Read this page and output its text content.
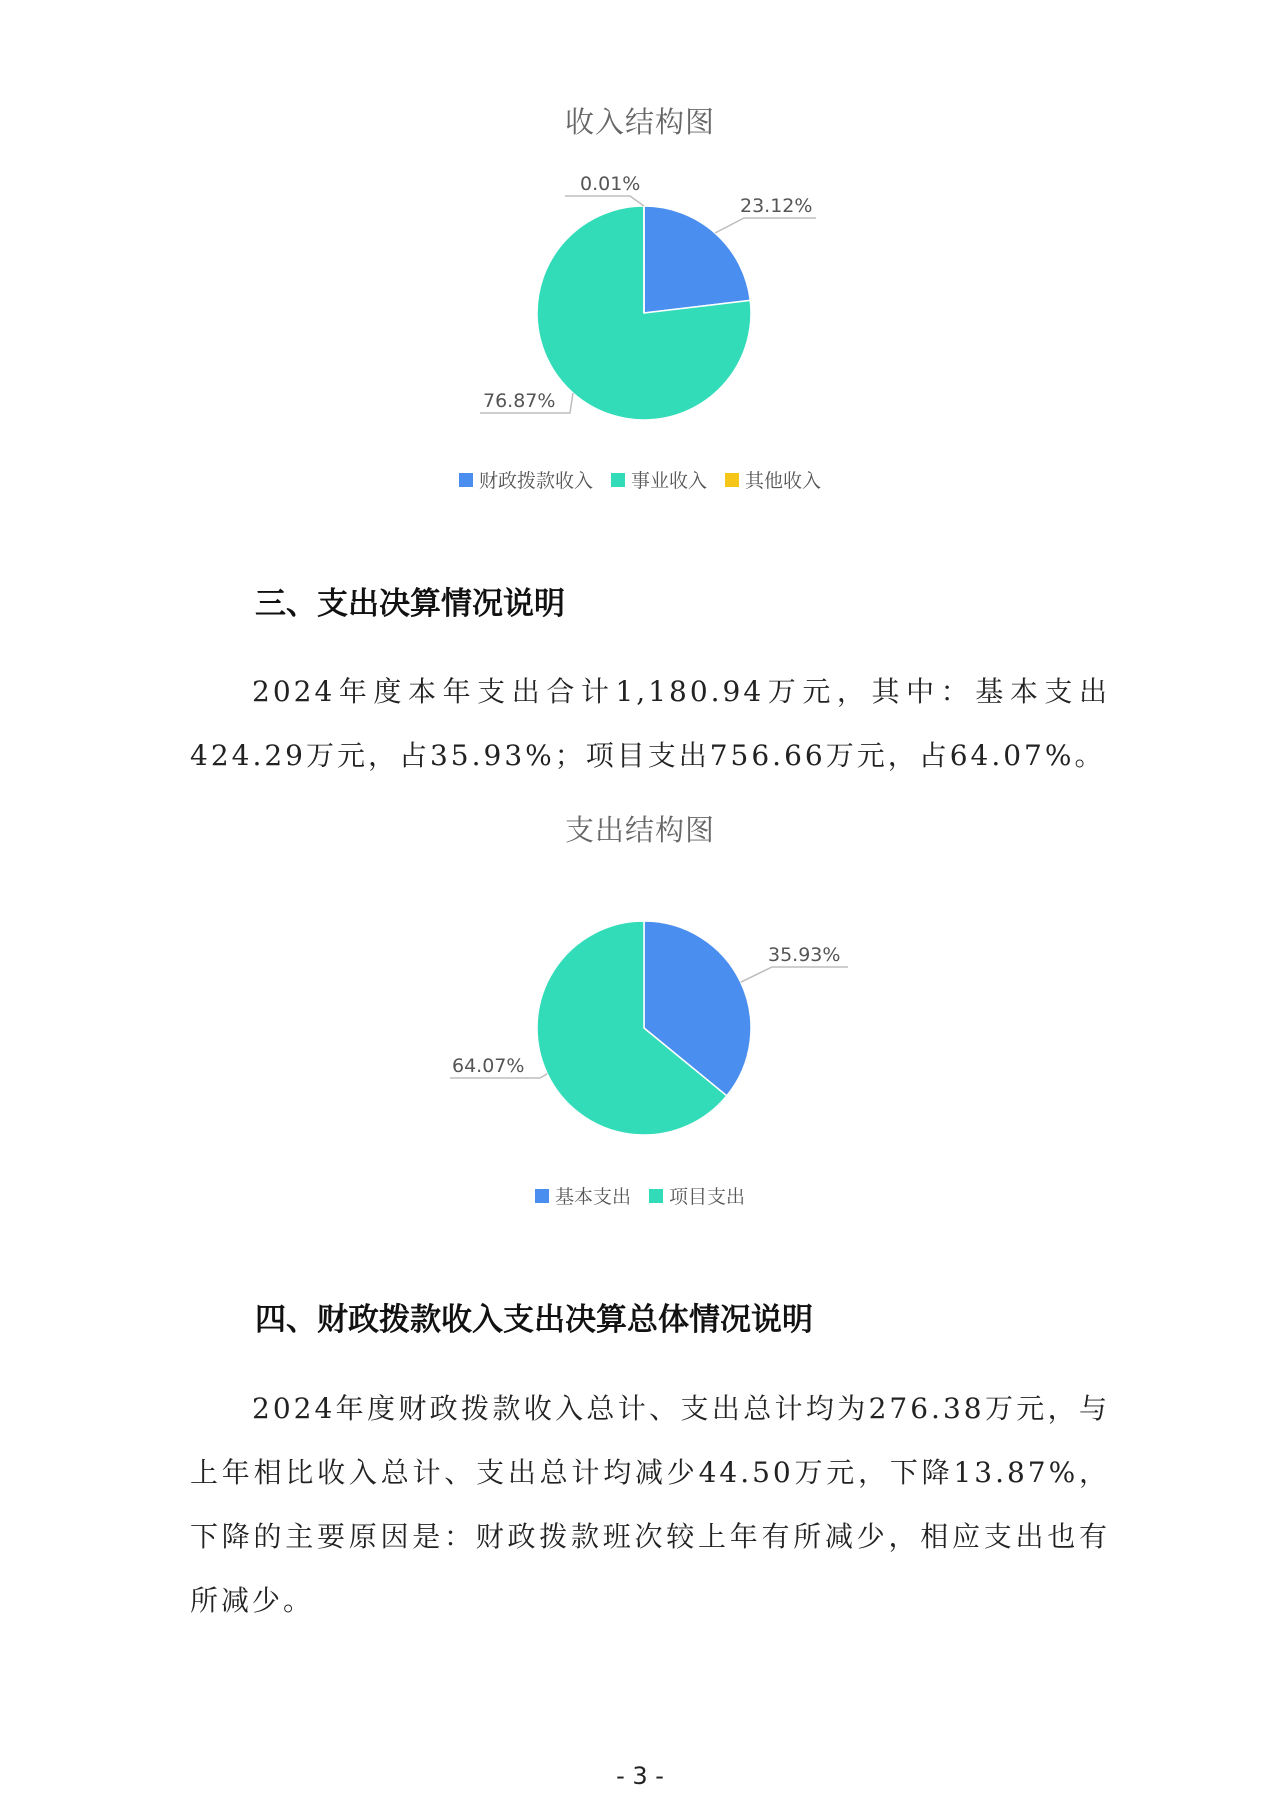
收入结构图
23.12%
76.87%
0.01%
财政拨款收入 事业收入 其他收入
三、支出决算情况说明

2024年度本年支出合计1,180.94万元，其中：基本支出424.29万元，占35.93%；项目支出756.66万元，占64.07%。

支出结构图
35.93%
64.07%
基本支出 项目支出
四、财政拨款收入支出决算总体情况说明

2024年度财政拨款收入总计、支出总计均为276.38万元，与上年相比收入总计、支出总计均减少44.50万元，下降13.87%，下降的主要原因是：财政拨款班次较上年有所减少，相应支出也有所减少。

- 3 -
